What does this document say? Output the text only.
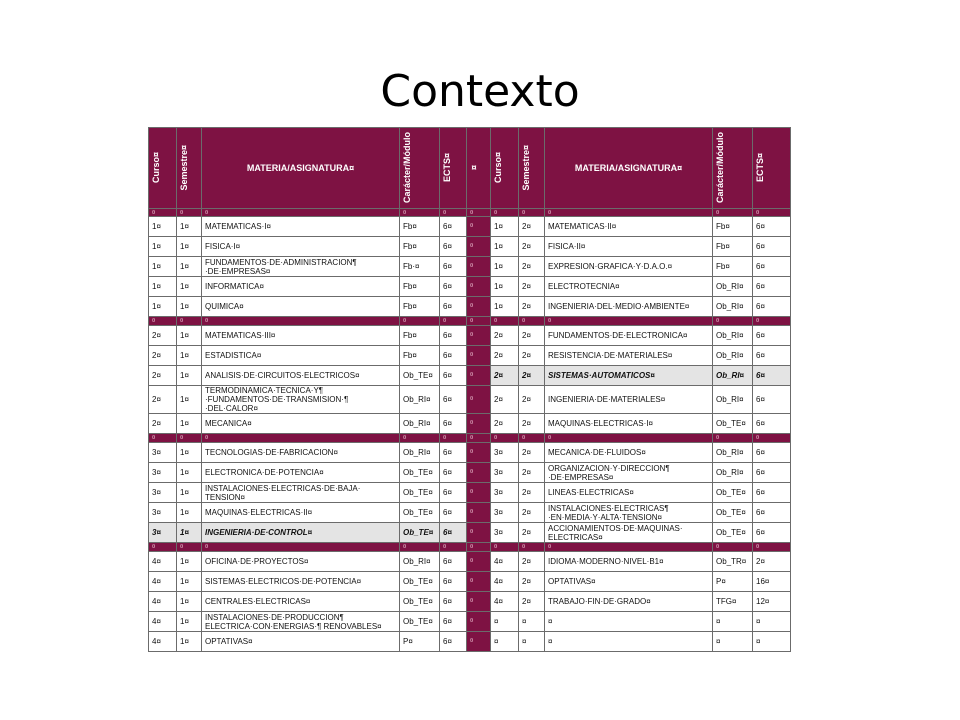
Contexto
Curso¤	Semestre¤	MATERIA/ASIGNATURA¤	Carácter/Módulo	ECTS¤	¤	Curso¤	Semestre¤	MATERIA/ASIGNATURA¤	Carácter/Módulo	ECTS¤

¤	¤	¤	¤	¤	¤	¤	¤	¤	¤	¤
1¤	1¤	MATEMATICAS·I¤	Fb¤	6¤	¤	1¤	2¤	MATEMATICAS·II¤	Fb¤	6¤
1¤	1¤	FISICA·I¤	Fb¤	6¤	¤	1¤	2¤	FISICA·II¤	Fb¤	6¤
1¤	1¤	FUNDAMENTOS·DE·ADMINISTRACION¶ ·DE·EMPRESAS¤	Fb·¤	6¤	¤	1¤	2¤	EXPRESION·GRAFICA·Y·D.A.O.¤	Fb¤	6¤
1¤	1¤	INFORMATICA¤	Fb¤	6¤	¤	1¤	2¤	ELECTROTECNIA¤	Ob_RI¤	6¤
1¤	1¤	QUIMICA¤	Fb¤	6¤	¤	1¤	2¤	INGENIERIA·DEL·MEDIO·AMBIENTE¤	Ob_RI¤	6¤
¤	¤	¤	¤	¤	¤	¤	¤	¤	¤	¤
2¤	1¤	MATEMATICAS·III¤	Fb¤	6¤	¤	2¤	2¤	FUNDAMENTOS·DE·ELECTRONICA¤	Ob_RI¤	6¤
2¤	1¤	ESTADISTICA¤	Fb¤	6¤	¤	2¤	2¤	RESISTENCIA·DE·MATERIALES¤	Ob_RI¤	6¤
2¤	1¤	ANALISIS·DE·CIRCUITOS·ELECTRICOS¤	Ob_TE¤	6¤	¤	2¤	2¤	SISTEMAS·AUTOMATICOS¤	Ob_RI¤	6¤
2¤	1¤	TERMODINAMICA·TECNICA·Y¶ ·FUNDAMENTOS·DE·TRANSMISION·¶ ·DEL·CALOR¤	Ob_RI¤	6¤	¤	2¤	2¤	INGENIERIA·DE·MATERIALES¤	Ob_RI¤	6¤
2¤	1¤	MECANICA¤	Ob_RI¤	6¤	¤	2¤	2¤	MAQUINAS·ELECTRICAS·I¤	Ob_TE¤	6¤
¤	¤	¤	¤	¤	¤	¤	¤	¤	¤	¤
3¤	1¤	TECNOLOGIAS·DE·FABRICACION¤	Ob_RI¤	6¤	¤	3¤	2¤	MECANICA·DE·FLUIDOS¤	Ob_RI¤	6¤
3¤	1¤	ELECTRONICA·DE·POTENCIA¤	Ob_TE¤	6¤	¤	3¤	2¤	ORGANIZACION·Y·DIRECCION¶ ·DE·EMPRESAS¤	Ob_RI¤	6¤
3¤	1¤	INSTALACIONES·ELECTRICAS·DE·BAJA· TENSION¤	Ob_TE¤	6¤	¤	3¤	2¤	LINEAS·ELECTRICAS¤	Ob_TE¤	6¤
3¤	1¤	MAQUINAS·ELECTRICAS·II¤	Ob_TE¤	6¤	¤	3¤	2¤	INSTALACIONES·ELECTRICAS¶ ·EN·MEDIA·Y·ALTA·TENSION¤	Ob_TE¤	6¤
3¤	1¤	INGENIERIA·DE·CONTROL¤	Ob_TE¤	6¤	¤	3¤	2¤	ACCIONAMIENTOS·DE·MAQUINAS· ELECTRICAS¤	Ob_TE¤	6¤
¤	¤	¤	¤	¤	¤	¤	¤	¤	¤	¤
4¤	1¤	OFICINA·DE·PROYECTOS¤	Ob_RI¤	6¤	¤	4¤	2¤	IDIOMA·MODERNO·NIVEL·B1¤	Ob_TR¤	2¤
4¤	1¤	SISTEMAS·ELECTRICOS·DE·POTENCIA¤	Ob_TE¤	6¤	¤	4¤	2¤	OPTATIVAS¤	P¤	16¤
4¤	1¤	CENTRALES·ELECTRICAS¤	Ob_TE¤	6¤	¤	4¤	2¤	TRABAJO·FIN·DE·GRADO¤	TFG¤	12¤
4¤	1¤	INSTALACIONES·DE·PRODUCCION¶ ELECTRICA·CON·ENERGIAS·¶ RENOVABLES¤	Ob_TE¤	6¤	¤	¤	¤	¤	¤	¤
4¤	1¤	OPTATIVAS¤	P¤	6¤	¤	¤	¤	¤	¤	¤
